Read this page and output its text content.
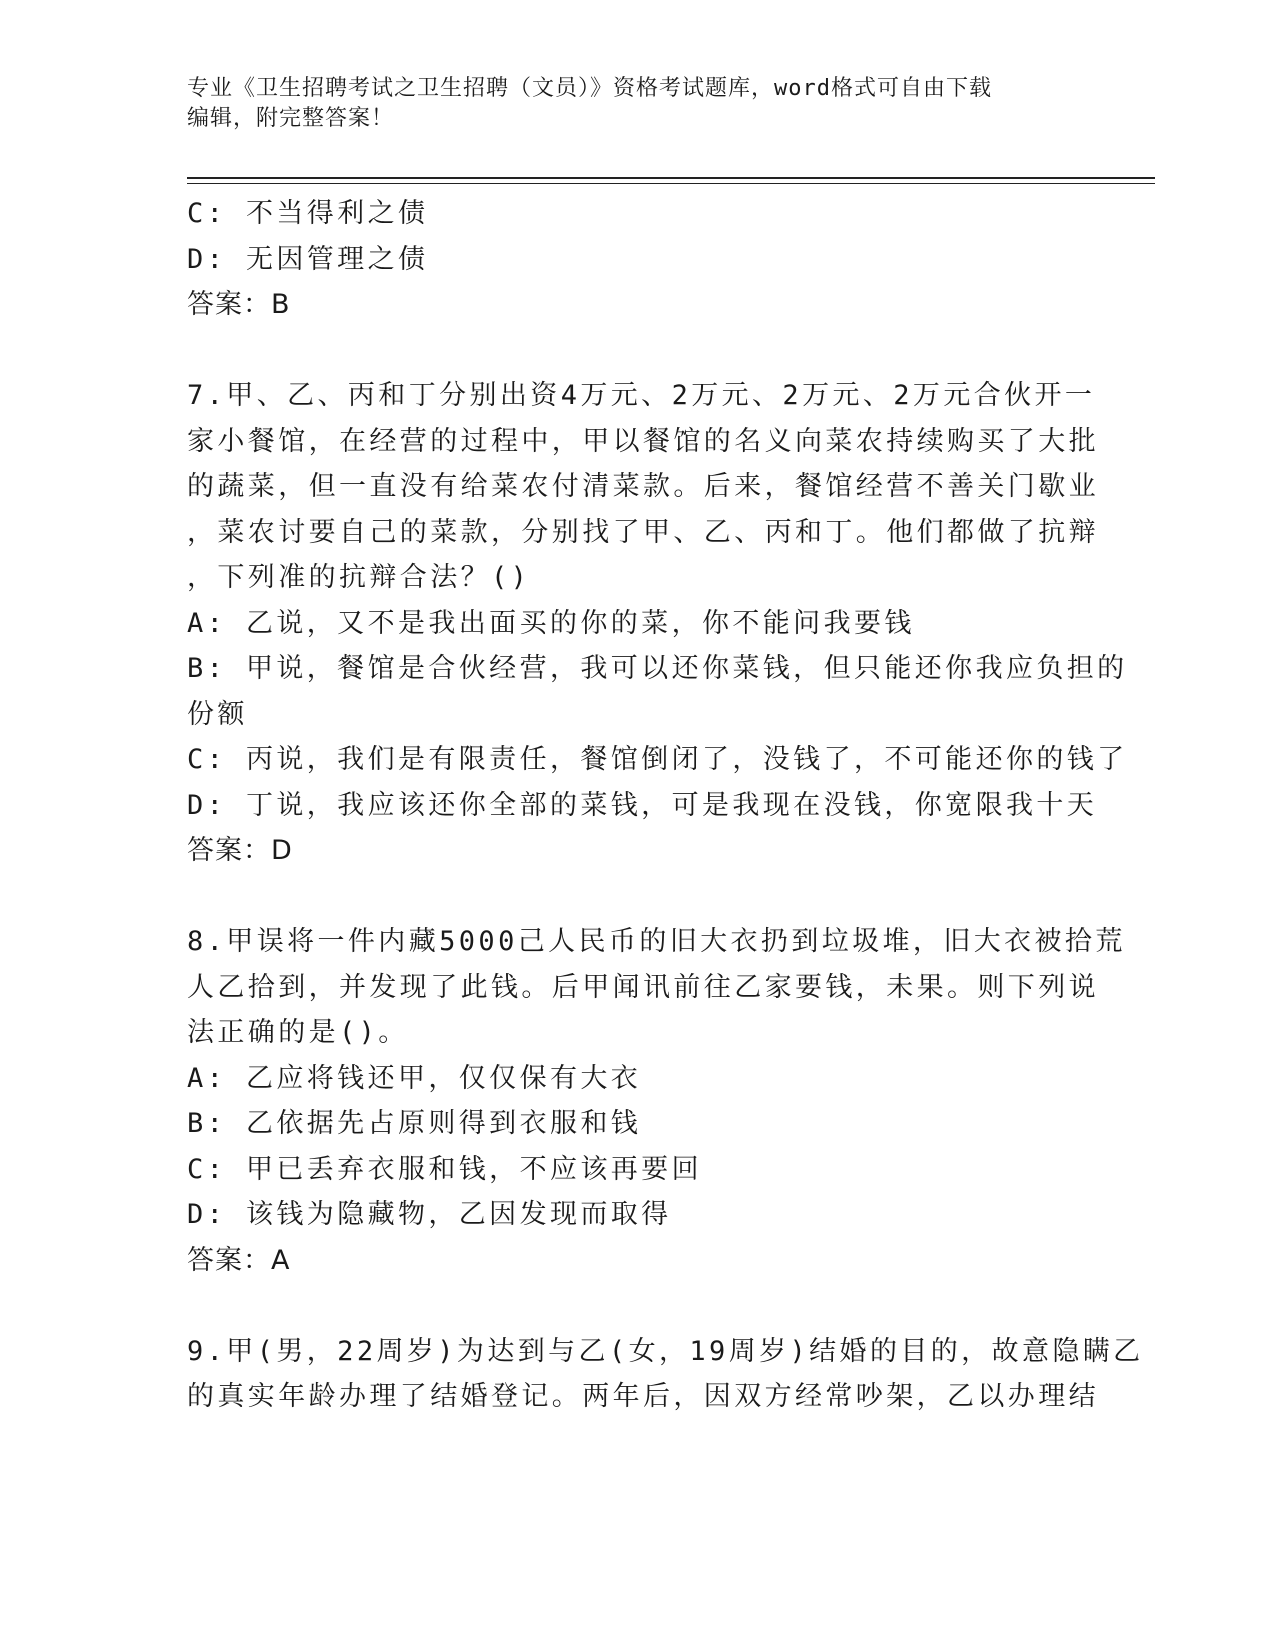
专业《卫生招聘考试之卫生招聘（文员）》资格考试题库，word格式可自由下载
编辑，附完整答案！
C: 不当得利之债
D: 无因管理之债
答案：B
7.甲、乙、丙和丁分别出资4万元、2万元、2万元、2万元合伙开一
家小餐馆，在经营的过程中，甲以餐馆的名义向菜农持续购买了大批
的蔬菜，但一直没有给菜农付清菜款。后来，餐馆经营不善关门歇业
，菜农讨要自己的菜款，分别找了甲、乙、丙和丁。他们都做了抗辩
，下列准的抗辩合法？()
A: 乙说，又不是我出面买的你的菜，你不能问我要钱
B: 甲说，餐馆是合伙经营，我可以还你菜钱，但只能还你我应负担的
份额
C: 丙说，我们是有限责任，餐馆倒闭了，没钱了，不可能还你的钱了
D: 丁说，我应该还你全部的菜钱，可是我现在没钱，你宽限我十天
答案：D
8.甲误将一件内藏5000己人民币的旧大衣扔到垃圾堆，旧大衣被拾荒
人乙拾到，并发现了此钱。后甲闻讯前往乙家要钱，未果。则下列说
法正确的是()。
A: 乙应将钱还甲，仅仅保有大衣
B: 乙依据先占原则得到衣服和钱
C: 甲已丢弃衣服和钱，不应该再要回
D: 该钱为隐藏物，乙因发现而取得
答案：A
9.甲(男，22周岁)为达到与乙(女，19周岁)结婚的目的，故意隐瞒乙
的真实年龄办理了结婚登记。两年后，因双方经常吵架，乙以办理结
